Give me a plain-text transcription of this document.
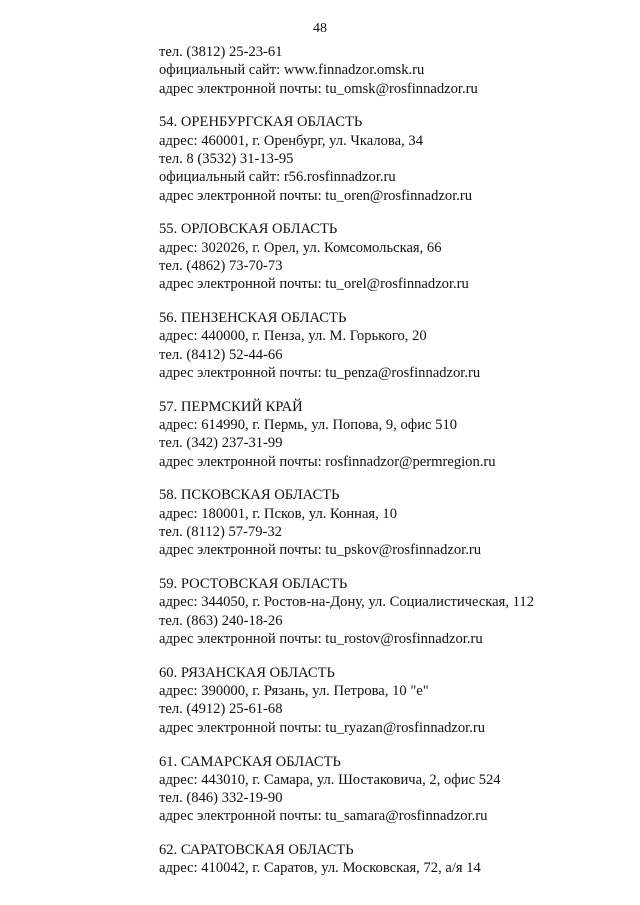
48
тел. (3812) 25-23-61
официальный сайт: www.finnadzor.omsk.ru
адрес электронной почты: tu_omsk@rosfinnadzor.ru
54. ОРЕНБУРГСКАЯ ОБЛАСТЬ
адрес: 460001, г. Оренбург, ул. Чкалова, 34
тел. 8 (3532) 31-13-95
официальный сайт: r56.rosfinnadzor.ru
адрес электронной почты: tu_oren@rosfinnadzor.ru
55. ОРЛОВСКАЯ ОБЛАСТЬ
адрес: 302026, г. Орел, ул. Комсомольская, 66
тел. (4862) 73-70-73
адрес электронной почты: tu_orel@rosfinnadzor.ru
56. ПЕНЗЕНСКАЯ ОБЛАСТЬ
адрес: 440000, г. Пенза, ул. М. Горького, 20
тел. (8412) 52-44-66
адрес электронной почты: tu_penza@rosfinnadzor.ru
57. ПЕРМСКИЙ КРАЙ
адрес: 614990, г. Пермь, ул. Попова, 9, офис 510
тел. (342) 237-31-99
адрес электронной почты: rosfinnadzor@permregion.ru
58. ПСКОВСКАЯ ОБЛАСТЬ
адрес: 180001, г. Псков, ул. Конная, 10
тел. (8112) 57-79-32
адрес электронной почты: tu_pskov@rosfinnadzor.ru
59. РОСТОВСКАЯ ОБЛАСТЬ
адрес: 344050, г. Ростов-на-Дону, ул. Социалистическая, 112
тел. (863) 240-18-26
адрес электронной почты: tu_rostov@rosfinnadzor.ru
60. РЯЗАНСКАЯ ОБЛАСТЬ
адрес: 390000, г. Рязань, ул. Петрова, 10 "е"
тел. (4912) 25-61-68
адрес электронной почты: tu_ryazan@rosfinnadzor.ru
61. САМАРСКАЯ ОБЛАСТЬ
адрес: 443010, г. Самара, ул. Шостаковича, 2, офис 524
тел. (846) 332-19-90
адрес электронной почты: tu_samara@rosfinnadzor.ru
62. САРАТОВСКАЯ ОБЛАСТЬ
адрес: 410042, г. Саратов, ул. Московская, 72, а/я 14
